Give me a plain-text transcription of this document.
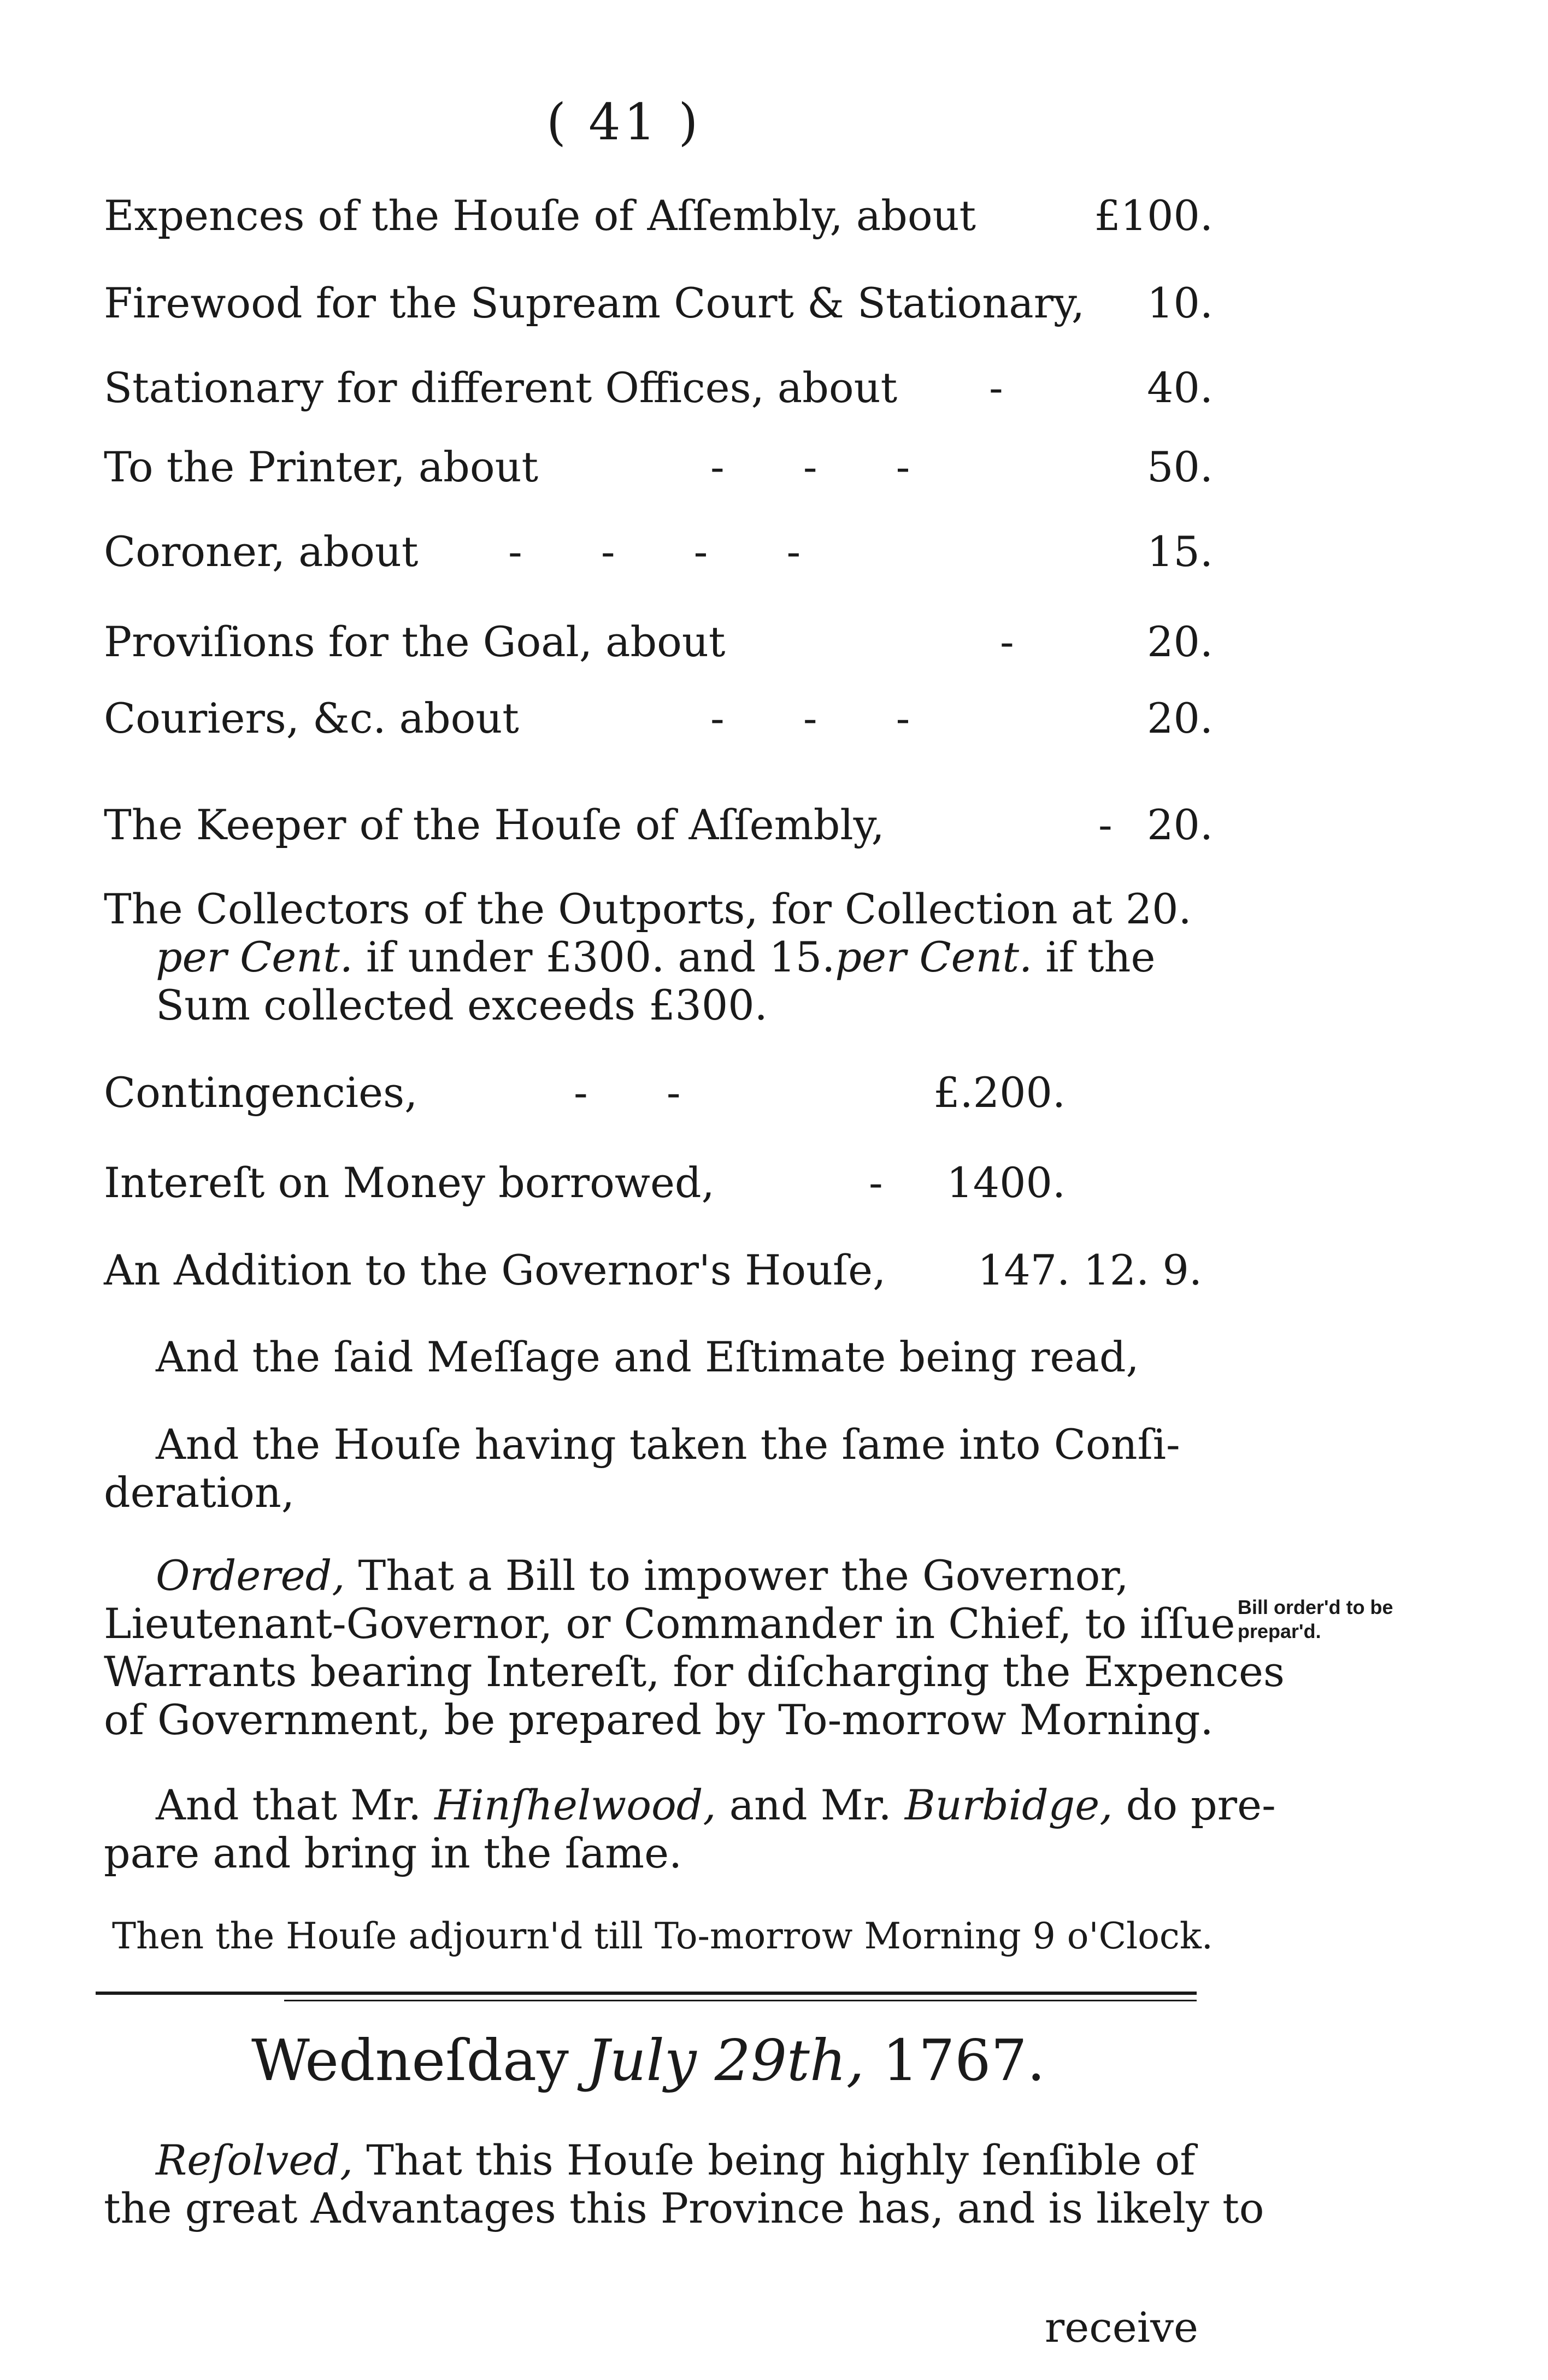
( 41 )
Expences of the Houſe of Aſſembly, about	£100.
Firewood for the Supream Court & Stationary, 10.
Stationary for different Offices, about -	40.
To the Printer, about	- - -	50.
Coroner, about - - - -	15.
Proviſions for the Goal, about	- 20.
Couriers, &c. about	- - -	20.
The Keeper of the Houſe of Aſſembly,	- 20.
The Collectors of the Outports, for Collection at 20.
per Cent. if under £300. and 15.per Cent. if the
Sum collected exceeds £300.
Contingencies,	- -	£.200.
Intereſt on Money borrowed,	- 1400.
An Addition to the Governor's Houſe, 147. 12. 9.
And the ſaid Meſſage and Eſtimate being read,
And the Houſe having taken the ſame into Conſi-
deration,
Ordered, That a Bill to impower the Governor,
Lieutenant-Governor, or Commander in Chief, to iſſue
Warrants bearing Intereſt, for diſcharging the Expences
of Government, be prepared by To-morrow Morning.
Bill order'd to be
prepar'd.
And that Mr. Hinſhelwood, and Mr. Burbidge, do pre-
pare and bring in the ſame.
Then the Houſe adjourn'd till To-morrow Morning 9 o'Clock.
Wedneſday July 29th, 1767.
Reſolved, That this Houſe being highly ſenſible of
the great Advantages this Province has, and is likely to
receive
